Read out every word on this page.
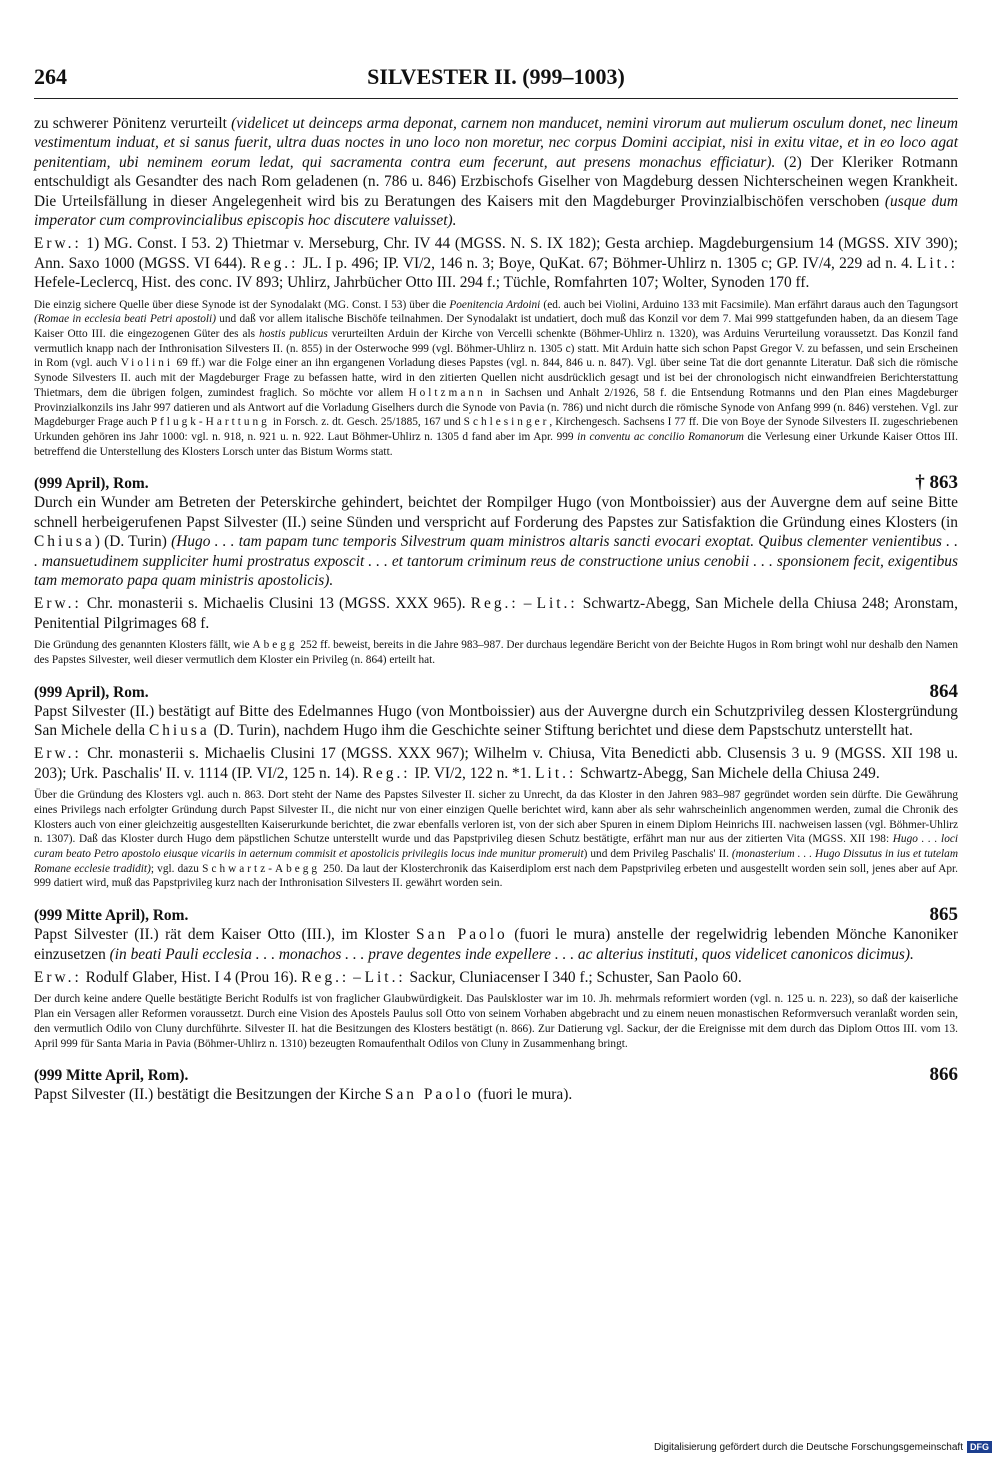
264	SILVESTER II. (999–1003)

zu schwerer Pönitenz verurteilt (videlicet ut deinceps arma deponat, carnem non manducet, nemini virorum aut mulierum osculum donet, nec lineum vestimentum induat, et si sanus fuerit, ultra duas noctes in uno loco non moretur, nec corpus Domini accipiat, nisi in exitu vitae, et in eo loco agat penitentiam, ubi neminem eorum ledat, qui sacramenta contra eum fecerunt, aut presens monachus efficiatur). (2) Der Kleriker Rotmann entschuldigt als Gesandter des nach Rom geladenen (n. 786 u. 846) Erzbischofs Giselher von Magdeburg dessen Nichterscheinen wegen Krankheit. Die Urteilsfällung in dieser Angelegenheit wird bis zu Beratungen des Kaisers mit den Magdeburger Provinzialbischöfen verschoben (usque dum imperator cum comprovincialibus episcopis hoc discutere valuisset).

Erw.: 1) MG. Const. I 53. 2) Thietmar v. Merseburg, Chr. IV 44 (MGSS. N. S. IX 182); Gesta archiep. Magdeburgensium 14 (MGSS. XIV 390); Ann. Saxo 1000 (MGSS. VI 644). Reg.: JL. I p. 496; IP. VI/2, 146 n. 3; Boye, QuKat. 67; Böhmer-Uhlirz n. 1305 c; GP. IV/4, 229 ad n. 4. Lit.: Hefele-Leclercq, Hist. des conc. IV 893; Uhlirz, Jahrbücher Otto III. 294 f.; Tüchle, Romfahrten 107; Wolter, Synoden 170 ff.

Die einzig sichere Quelle über diese Synode ist der Synodalakt (MG. Const. I 53) über die Poenitencia Ardoini (ed. auch bei Violini, Arduino 133 mit Facsimile). Man erfährt daraus auch den Tagungsort (Romae in ecclesia beati Petri apostoli) und daß vor allem italische Bischöfe teilnahmen. Der Synodalakt ist undatiert, doch muß das Konzil vor dem 7. Mai 999 stattgefunden haben, da an diesem Tage Kaiser Otto III. die eingezogenen Güter des als hostis publicus verurteilten Arduin der Kirche von Vercelli schenkte (Böhmer-Uhlirz n. 1320), was Arduins Verurteilung voraussetzt. Das Konzil fand vermutlich knapp nach der Inthronisation Silvesters II. (n. 855) in der Osterwoche 999 (vgl. Böhmer-Uhlirz n. 1305 c) statt. Mit Arduin hatte sich schon Papst Gregor V. zu befassen, und sein Erscheinen in Rom (vgl. auch Violini 69 ff.) war die Folge einer an ihn ergangenen Vorladung dieses Papstes (vgl. n. 844, 846 u. n. 847). Vgl. über seine Tat die dort genannte Literatur. Daß sich die römische Synode Silvesters II. auch mit der Magdeburger Frage zu befassen hatte, wird in den zitierten Quellen nicht ausdrücklich gesagt und ist bei der chronologisch nicht einwandfreien Berichterstattung Thietmars, dem die übrigen folgen, zumindest fraglich. So möchte vor allem Holtzmann in Sachsen und Anhalt 2/1926, 58 f. die Entsendung Rotmanns und den Plan eines Magdeburger Provinzialkonzils ins Jahr 997 datieren und als Antwort auf die Vorladung Giselhers durch die Synode von Pavia (n. 786) und nicht durch die römische Synode von Anfang 999 (n. 846) verstehen. Vgl. zur Magdeburger Frage auch Pflugk-Harttung in Forsch. z. dt. Gesch. 25/1885, 167 und Schlesinger, Kirchengesch. Sachsens I 77 ff. Die von Boye der Synode Silvesters II. zugeschriebenen Urkunden gehören ins Jahr 1000: vgl. n. 918, n. 921 u. n. 922. Laut Böhmer-Uhlirz n. 1305 d fand aber im Apr. 999 in conventu ac concilio Romanorum die Verlesung einer Urkunde Kaiser Ottos III. betreffend die Unterstellung des Klosters Lorsch unter das Bistum Worms statt.

(999 April), Rom.	† 863

Durch ein Wunder am Betreten der Peterskirche gehindert, beichtet der Rompilger Hugo (von Montboissier) aus der Auvergne dem auf seine Bitte schnell herbeigerufenen Papst Silvester (II.) seine Sünden und verspricht auf Forderung des Papstes zur Satisfaktion die Gründung eines Klosters (in Chiusa) (D. Turin) (Hugo . . . tam papam tunc temporis Silvestrum quam ministros altaris sancti evocari exoptat. Quibus clementer venientibus . . . mansuetudinem suppliciter humi prostratus exposcit . . . et tantorum criminum reus de constructione unius cenobii . . . sponsionem fecit, exigentibus tam memorato papa quam ministris apostolicis).

Erw.: Chr. monasterii s. Michaelis Clusini 13 (MGSS. XXX 965). Reg.: – Lit.: Schwartz-Abegg, San Michele della Chiusa 248; Aronstam, Penitential Pilgrimages 68 f.

Die Gründung des genannten Klosters fällt, wie Abegg 252 ff. beweist, bereits in die Jahre 983–987. Der durchaus legendäre Bericht von der Beichte Hugos in Rom bringt wohl nur deshalb den Namen des Papstes Silvester, weil dieser vermutlich dem Kloster ein Privileg (n. 864) erteilt hat.

(999 April), Rom.	864

Papst Silvester (II.) bestätigt auf Bitte des Edelmannes Hugo (von Montboissier) aus der Auvergne durch ein Schutzprivileg dessen Klostergründung San Michele della Chiusa (D. Turin), nachdem Hugo ihm die Geschichte seiner Stiftung berichtet und diese dem Papstschutz unterstellt hat.

Erw.: Chr. monasterii s. Michaelis Clusini 17 (MGSS. XXX 967); Wilhelm v. Chiusa, Vita Benedicti abb. Clusensis 3 u. 9 (MGSS. XII 198 u. 203); Urk. Paschalis' II. v. 1114 (IP. VI/2, 125 n. 14). Reg.: IP. VI/2, 122 n. *1. Lit.: Schwartz-Abegg, San Michele della Chiusa 249.

Über die Gründung des Klosters vgl. auch n. 863. Dort steht der Name des Papstes Silvester II. sicher zu Unrecht, da das Kloster in den Jahren 983–987 gegründet worden sein dürfte. Die Gewährung eines Privilegs nach erfolgter Gründung durch Papst Silvester II., die nicht nur von einer einzigen Quelle berichtet wird, kann aber als sehr wahrscheinlich angenommen werden, zumal die Chronik des Klosters auch von einer gleichzeitig ausgestellten Kaiserurkunde berichtet, die zwar ebenfalls verloren ist, von der sich aber Spuren in einem Diplom Heinrichs III. nachweisen lassen (vgl. Böhmer-Uhlirz n. 1307). Daß das Kloster durch Hugo dem päpstlichen Schutze unterstellt wurde und das Papstprivileg diesen Schutz bestätigte, erfährt man nur aus der zitierten Vita (MGSS. XII 198: Hugo . . . loci curam beato Petro apostolo eiusque vicariis in aeternum commisit et apostolicis privilegiis locus inde munitur promeruit) und dem Privileg Paschalis' II. (monasterium . . . Hugo Dissutus in ius et tutelam Romane ecclesie tradidit); vgl. dazu Schwartz-Abegg 250. Da laut der Klosterchronik das Kaiserdiplom erst nach dem Papstprivileg erbeten und ausgestellt worden sein soll, jenes aber auf Apr. 999 datiert wird, muß das Papstprivileg kurz nach der Inthronisation Silvesters II. gewährt worden sein.

(999 Mitte April), Rom.	865

Papst Silvester (II.) rät dem Kaiser Otto (III.), im Kloster San Paolo (fuori le mura) anstelle der regelwidrig lebenden Mönche Kanoniker einzusetzen (in beati Pauli ecclesia . . . monachos . . . prave degentes inde expellere . . . ac alterius instituti, quos videlicet canonicos dicimus).

Erw.: Rodulf Glaber, Hist. I 4 (Prou 16). Reg.: – Lit.: Sackur, Cluniacenser I 340 f.; Schuster, San Paolo 60.

Der durch keine andere Quelle bestätigte Bericht Rodulfs ist von fraglicher Glaubwürdigkeit. Das Paulskloster war im 10. Jh. mehrmals reformiert worden (vgl. n. 125 u. n. 223), so daß der kaiserliche Plan ein Versagen aller Reformen voraussetzt. Durch eine Vision des Apostels Paulus soll Otto von seinem Vorhaben abgebracht und zu einem neuen monastischen Reformversuch veranlaßt worden sein, den vermutlich Odilo von Cluny durchführte. Silvester II. hat die Besitzungen des Klosters bestätigt (n. 866). Zur Datierung vgl. Sackur, der die Ereignisse mit dem durch das Diplom Ottos III. vom 13. April 999 für Santa Maria in Pavia (Böhmer-Uhlirz n. 1310) bezeugten Romaufenthalt Odilos von Cluny in Zusammenhang bringt.

(999 Mitte April, Rom).	866

Papst Silvester (II.) bestätigt die Besitzungen der Kirche San Paolo (fuori le mura).

Digitalisierung gefördert durch die Deutsche Forschungsgemeinschaft DFG
